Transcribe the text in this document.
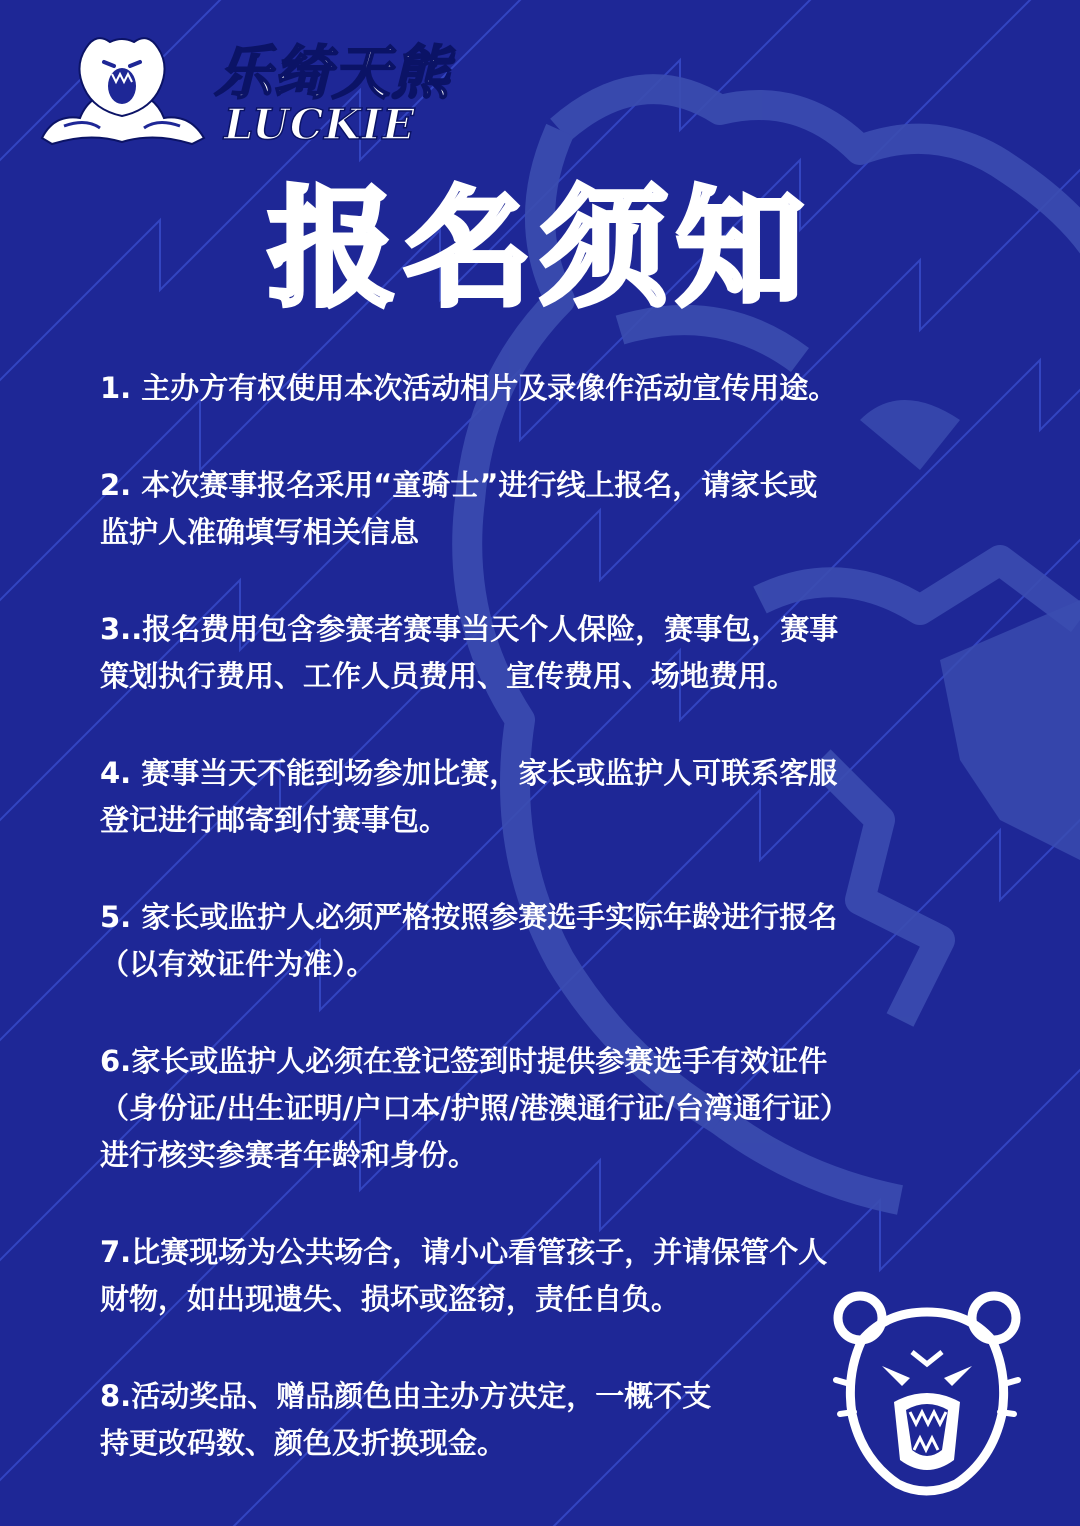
乐绮天熊
LUCKIE
报名须知
1. 主办方有权使用本次活动相片及录像作活动宣传用途。
2. 本次赛事报名采用“童骑士”进行线上报名，请家长或
监护人准确填写相关信息
3..报名费用包含参赛者赛事当天个人保险，赛事包，赛事
策划执行费用、工作人员费用、宣传费用、场地费用。
4. 赛事当天不能到场参加比赛，家长或监护人可联系客服
登记进行邮寄到付赛事包。
5. 家长或监护人必须严格按照参赛选手实际年龄进行报名
（以有效证件为准）。
6.家长或监护人必须在登记签到时提供参赛选手有效证件
（身份证/出生证明/户口本/护照/港澳通行证/台湾通行证）
进行核实参赛者年龄和身份。
7.比赛现场为公共场合，请小心看管孩子，并请保管个人
财物，如出现遗失、损坏或盗窃，责任自负。
8.活动奖品、赠品颜色由主办方决定，一概不支
持更改码数、颜色及折换现金。
